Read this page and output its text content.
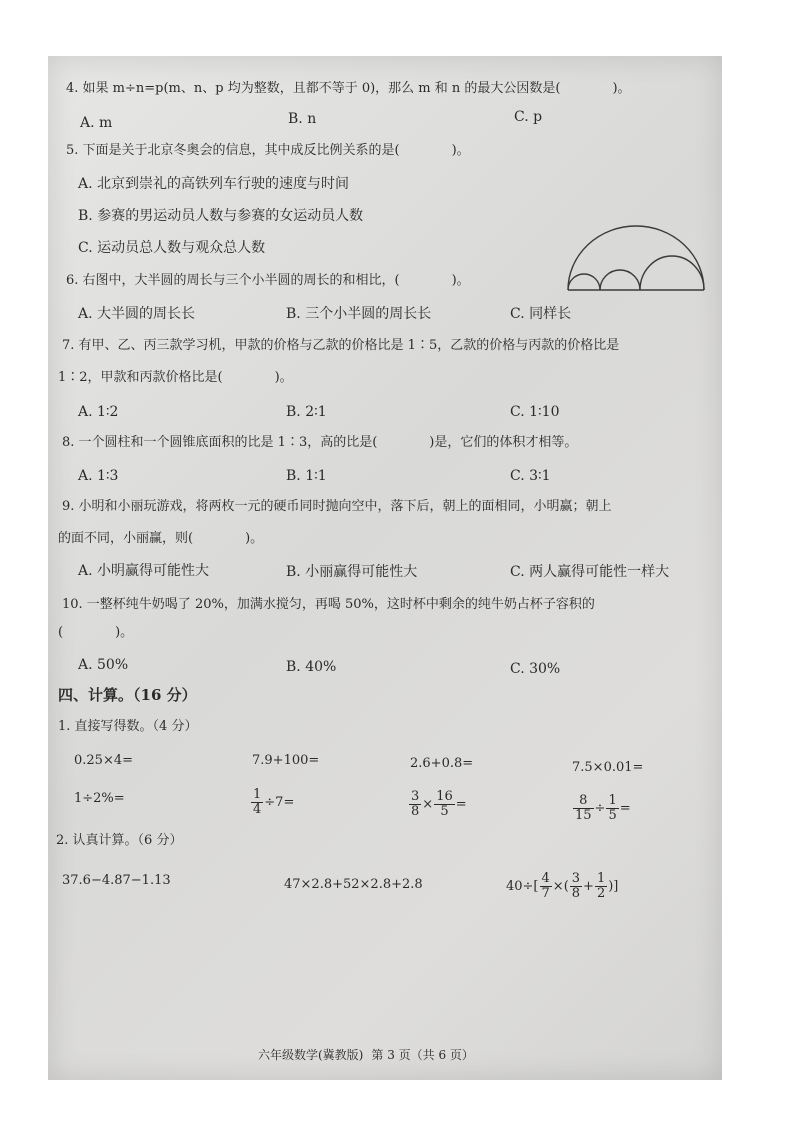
4. 如果 m÷n=p(m、n、p 均为整数，且都不等于 0)，那么 m 和 n 的最大公因数是(　　　　)。
A. m	B. n	C. p
5. 下面是关于北京冬奥会的信息，其中成反比例关系的是(　　　　)。
A. 北京到崇礼的高铁列车行驶的速度与时间
B. 参赛的男运动员人数与参赛的女运动员人数
C. 运动员总人数与观众总人数
6. 右图中，大半圆的周长与三个小半圆的周长的和相比，(　　　　)。
A. 大半圆的周长长	B. 三个小半圆的周长长	C. 同样长
7. 有甲、乙、丙三款学习机，甲款的价格与乙款的价格比是 1∶5，乙款的价格与丙款的价格比是
1∶2，甲款和丙款价格比是(　　　　)。
A. 1∶2	B. 2∶1	C. 1∶10
8. 一个圆柱和一个圆锥底面积的比是 1∶3，高的比是(　　　　)是，它们的体积才相等。
A. 1∶3	B. 1∶1	C. 3∶1
9. 小明和小丽玩游戏，将两枚一元的硬币同时抛向空中，落下后，朝上的面相同，小明赢；朝上
的面不同，小丽赢，则(　　　　)。
A. 小明赢得可能性大	B. 小丽赢得可能性大	C. 两人赢得可能性一样大
10. 一整杯纯牛奶喝了 20%，加满水搅匀，再喝 50%，这时杯中剩余的纯牛奶占杯子容积的
(　　　　)。
A. 50%	B. 40%	C. 30%
四、计算。（16 分）
1. 直接写得数。（4 分）
0.25×4=	7.9+100=	2.6+0.8=	7.5×0.01=
1÷2%=	$\frac{1}{4} \div 7=$	$\frac{3}{8} \times \frac{16}{5}$ =	$\frac{8}{15} \div \frac{1}{5}$ =
2. 认真计算。（6 分）
37.6−4.87−1.13	47×2.8+52×2.8+2.8	$40\div[ \frac{4}{7}$ ×( $\frac{3}{8} + \frac{1}{2}$ )]
六年级数学(冀教版) 第 3 页（共 6 页）
